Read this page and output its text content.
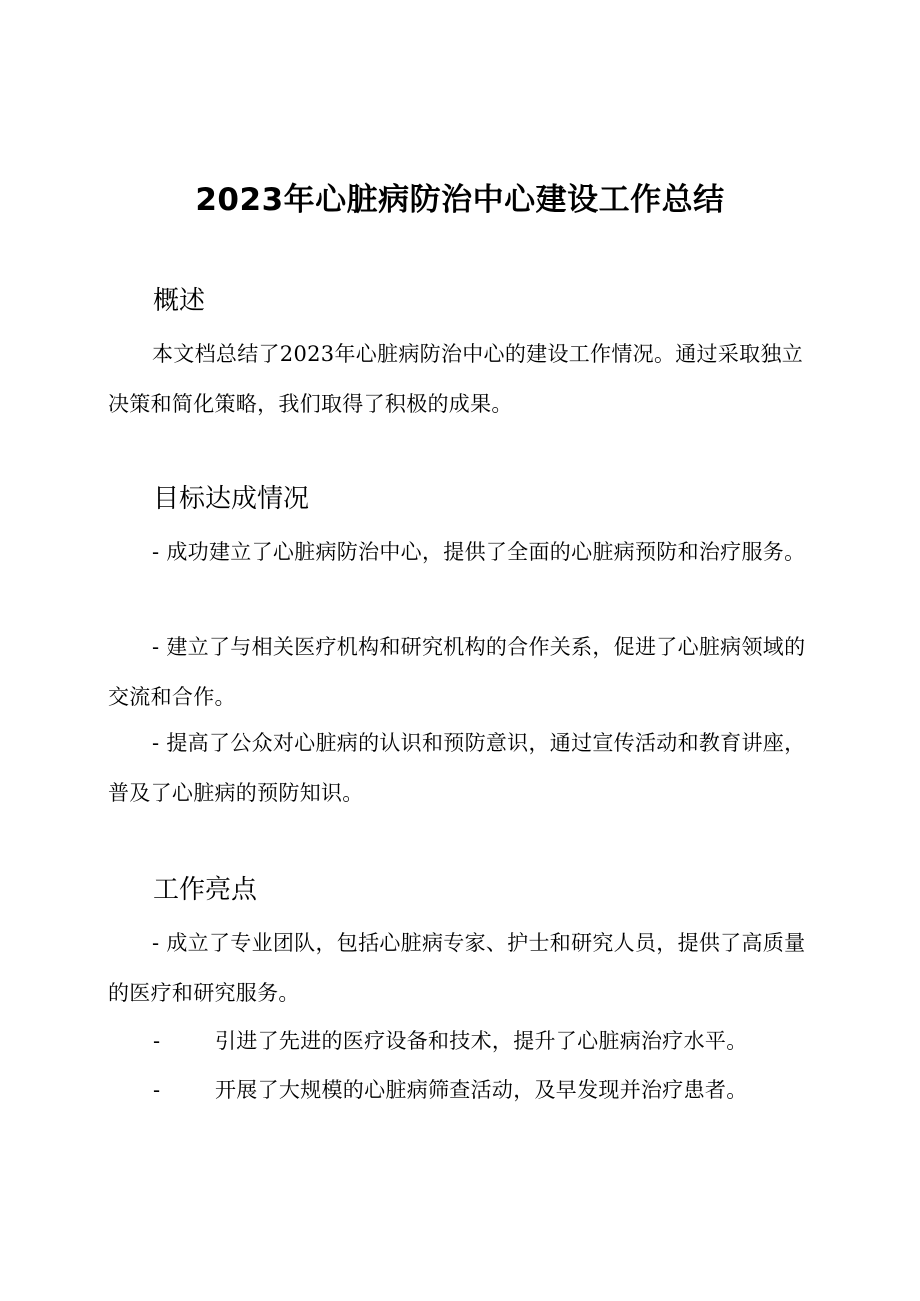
2023年心脏病防治中心建设工作总结
概述
本文档总结了2023年心脏病防治中心的建设工作情况。通过采取独立决策和简化策略，我们取得了积极的成果。
目标达成情况
- 成功建立了心脏病防治中心，提供了全面的心脏病预防和治疗服务。
- 建立了与相关医疗机构和研究机构的合作关系，促进了心脏病领域的交流和合作。
- 提高了公众对心脏病的认识和预防意识，通过宣传活动和教育讲座，普及了心脏病的预防知识。
工作亮点
- 成立了专业团队，包括心脏病专家、护士和研究人员，提供了高质量的医疗和研究服务。
-	引进了先进的医疗设备和技术，提升了心脏病治疗水平。
-	开展了大规模的心脏病筛查活动，及早发现并治疗患者。
